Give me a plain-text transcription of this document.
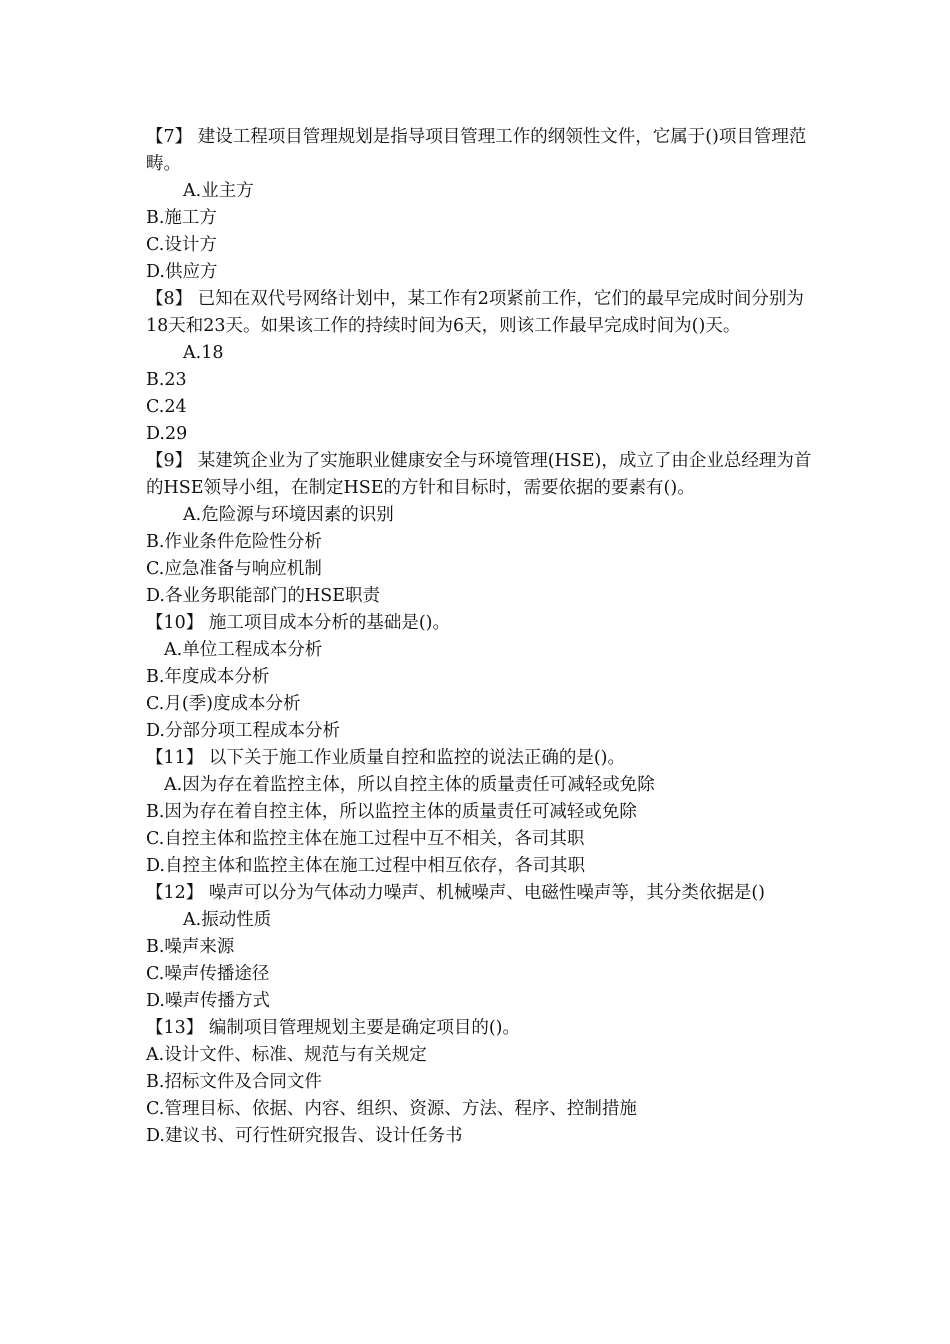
【7】 建设工程项目管理规划是指导项目管理工作的纲领性文件，它属于()项目管理范畴。
A.业主方
B.施工方
C.设计方
D.供应方
【8】 已知在双代号网络计划中，某工作有2项紧前工作，它们的最早完成时间分别为18天和23天。如果该工作的持续时间为6天，则该工作最早完成时间为()天。
A.18
B.23
C.24
D.29
【9】 某建筑企业为了实施职业健康安全与环境管理(HSE)，成立了由企业总经理为首的HSE领导小组，在制定HSE的方针和目标时，需要依据的要素有()。
A.危险源与环境因素的识别
B.作业条件危险性分析
C.应急准备与响应机制
D.各业务职能部门的HSE职责
【10】 施工项目成本分析的基础是()。
A.单位工程成本分析
B.年度成本分析
C.月(季)度成本分析
D.分部分项工程成本分析
【11】 以下关于施工作业质量自控和监控的说法正确的是()。
A.因为存在着监控主体，所以自控主体的质量责任可减轻或免除
B.因为存在着自控主体，所以监控主体的质量责任可减轻或免除
C.自控主体和监控主体在施工过程中互不相关，各司其职
D.自控主体和监控主体在施工过程中相互依存，各司其职
【12】 噪声可以分为气体动力噪声、机械噪声、电磁性噪声等，其分类依据是()
A.振动性质
B.噪声来源
C.噪声传播途径
D.噪声传播方式
【13】 编制项目管理规划主要是确定项目的()。
A.设计文件、标准、规范与有关规定
B.招标文件及合同文件
C.管理目标、依据、内容、组织、资源、方法、程序、控制措施
D.建议书、可行性研究报告、设计任务书
